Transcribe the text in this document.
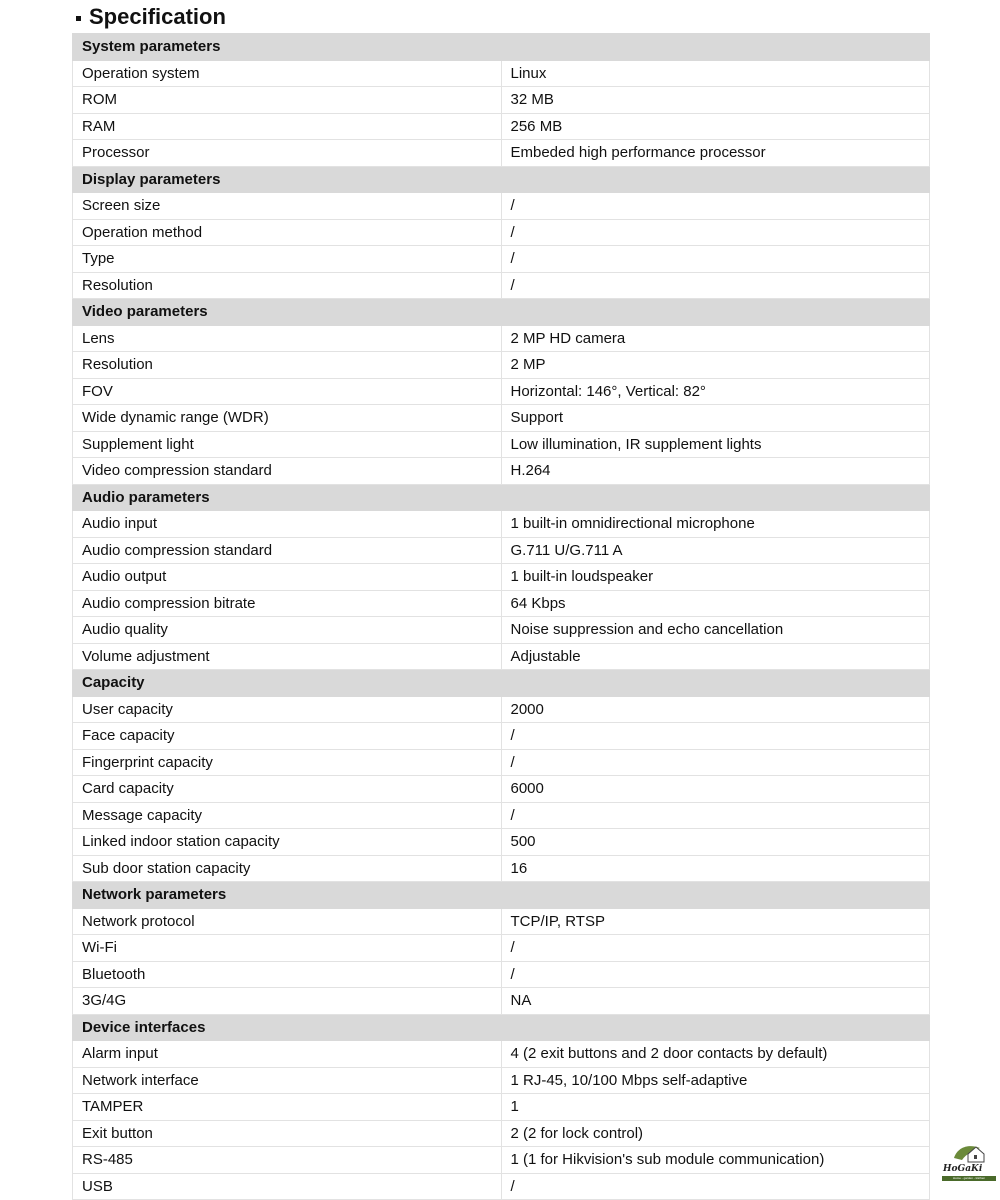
Specification
System parameters	
Operation system	Linux
ROM	32 MB
RAM	256 MB
Processor	Embeded high performance processor
Display parameters	
Screen size	/
Operation method	/
Type	/
Resolution	/
Video parameters	
Lens	2 MP HD camera
Resolution	2 MP
FOV	Horizontal: 146°, Vertical: 82°
Wide dynamic range (WDR)	Support
Supplement light	Low illumination, IR supplement lights
Video compression standard	H.264
Audio parameters	
Audio input	1 built-in omnidirectional microphone
Audio compression standard	G.711 U/G.711 A
Audio output	1 built-in loudspeaker
Audio compression bitrate	64 Kbps
Audio quality	Noise suppression and echo cancellation
Volume adjustment	Adjustable
Capacity	
User capacity	2000
Face capacity	/
Fingerprint capacity	/
Card capacity	6000
Message capacity	/
Linked indoor station capacity	500
Sub door station capacity	16
Network parameters	
Network protocol	TCP/IP, RTSP
Wi-Fi	/
Bluetooth	/
3G/4G	NA
Device interfaces	
Alarm input	4 (2 exit buttons and 2 door contacts by default)
Network interface	1 RJ-45, 10/100 Mbps self-adaptive
TAMPER	1
Exit button	2 (2 for lock control)
RS-485	1 (1 for Hikvision's sub module communication)
USB	/
HoGaKi
Home - garden - kitchen
